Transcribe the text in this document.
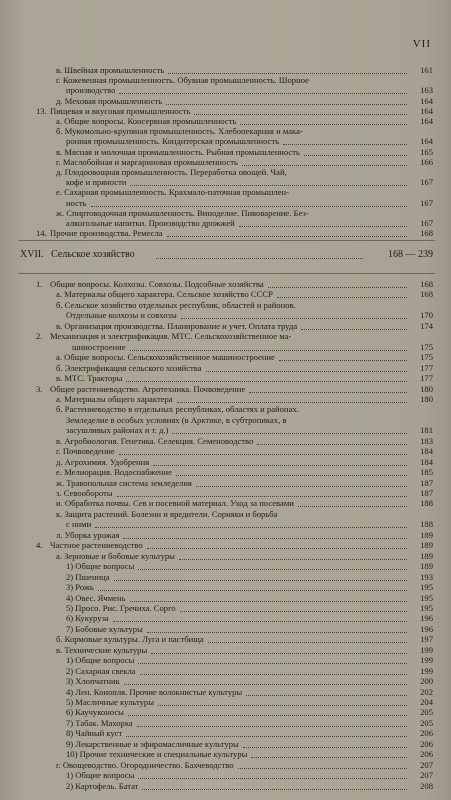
VII
в. Швейная промышленность	161
г. Кожевенная промышленность. Обувная промышленность. Шорное
производство	163
д. Меховая промышленность	164
13. Пищевая и вкусовая промышленность	164
а. Общие вопросы. Консервная промышленность	164
б. Мукомольно-крупяная промышленность. Хлебопекарная и мака-
ронная промышленность. Кондитерская промышленность	164
в. Мясная и молочная промышленность. Рыбная промышленность	165
г. Маслобойная и маргариновая промышленность	166
д. Плодоовощная промышленность. Переработка овощей. Чай,
кофе и пряности	167
е. Сахарная промышленность. Крахмало-паточная промышлен-
ность	167
ж. Спиртоводочная промышленность. Виноделие. Пивоварение. Без-
алкогольные напитки. Производство дрожжей	167
14. Прочие производства. Ремесла	168
XVII. Сельское хозяйство	168 — 239
1. Общие вопросы. Колхозы. Совхозы. Подсобные хозяйства	168
а. Материалы общего характера. Сельское хозяйство СССР	168
б. Сельское хозяйство отдельных республик, областей и районов.
Отдельные колхозы и совхозы	170
в. Организация производства. Планирование и учет. Оплата труда	174
2. Механизация и электрификация. МТС. Сельскохозяйственное ма-
шиностроение	175
а. Общие вопросы. Сельскохозяйственное машиностроение	175
б. Электрификация сельского хозяйства	177
в. МТС. Тракторы	177
3. Общее растениеводство. Агротехника. Почвоведение	180
а. Материалы общего характера	180
б. Растениеводство в отдельных республиках, областях и районах.
Земледелие в особых условиях (в Арктике, в субтропиках, в
засушливых районах и т. д.)	181
в. Агробиология. Генетика. Селекция. Семеноводство	183
г. Почвоведение	184
д. Агрохимия. Удобрения	184
е. Мелиорация. Водоснабжение	185
ж. Травопольная система земледелия	187
з. Севообороты	187
и. Обработка почвы. Сев и посевной материал. Уход за посевами	188
к. Защита растений. Болезни и вредители. Сорняки и борьба
с ними	188
л. Уборка урожая	189
4. Частное растениеводство	189
а. Зерновые и бобовые культуры	189
1) Общие вопросы	189
2) Пшеница	193
3) Рожь	195
4) Овес. Ячмень	195
5) Просо. Рис. Гречиха. Сорго	195
6) Кукуруза	196
7) Бобовые культуры	196
б. Кормовые культуры. Луга и пастбища	197
в. Технические культуры	199
1) Общие вопросы	199
2) Сахарная свекла	199
3) Хлопчатник	200
4) Лен. Конопля. Прочие волокнистые культуры	202
5) Масличные культуры	204
6) Каучуконосы	205
7) Табак. Махорка	205
8) Чайный куст	206
9) Лекарственные и эфиромасличные культуры	206
10) Прочие технические и специальные культуры	206
г. Овощеводство. Огородничество. Бахчеводство	207
1) Общие вопросы	207
2) Картофель. Батат	208
